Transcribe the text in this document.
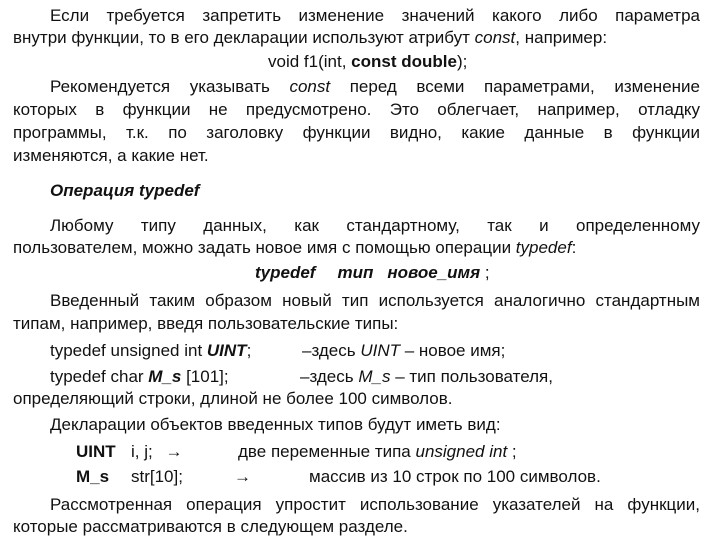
Если требуется запретить изменение значений какого либо параметра
внутри функции, то в его декларации используют атрибут const, например:
void f1(int, const double);
Рекомендуется указывать const перед всеми параметрами, изменение
которых в функции не предусмотрено. Это облегчает, например, отладку
программы, т.к. по заголовку функции видно, какие данные в функции
изменяются, а какие нет.
Операция typedef
Любому типу данных, как стандартному, так и определенному
пользователем, можно задать новое имя с помощью операции typedef:
typedef тип новое_имя ;
Введенный таким образом новый тип используется аналогично стандартным
типам, например, введя пользовательские типы:
typedef unsigned int UINT;	–здесь UINT – новое имя;
typedef char M_s [101];	–здесь M_s – тип пользователя,
определяющий строки, длиной не более 100 символов.
Декларации объектов введенных типов будут иметь вид:
UINT i, j; →	две переменные типа unsigned int ;
M_s str[10];	→	массив из 10 строк по 100 символов.
Рассмотренная операция упростит использование указателей на функции,
которые рассматриваются в следующем разделе.
